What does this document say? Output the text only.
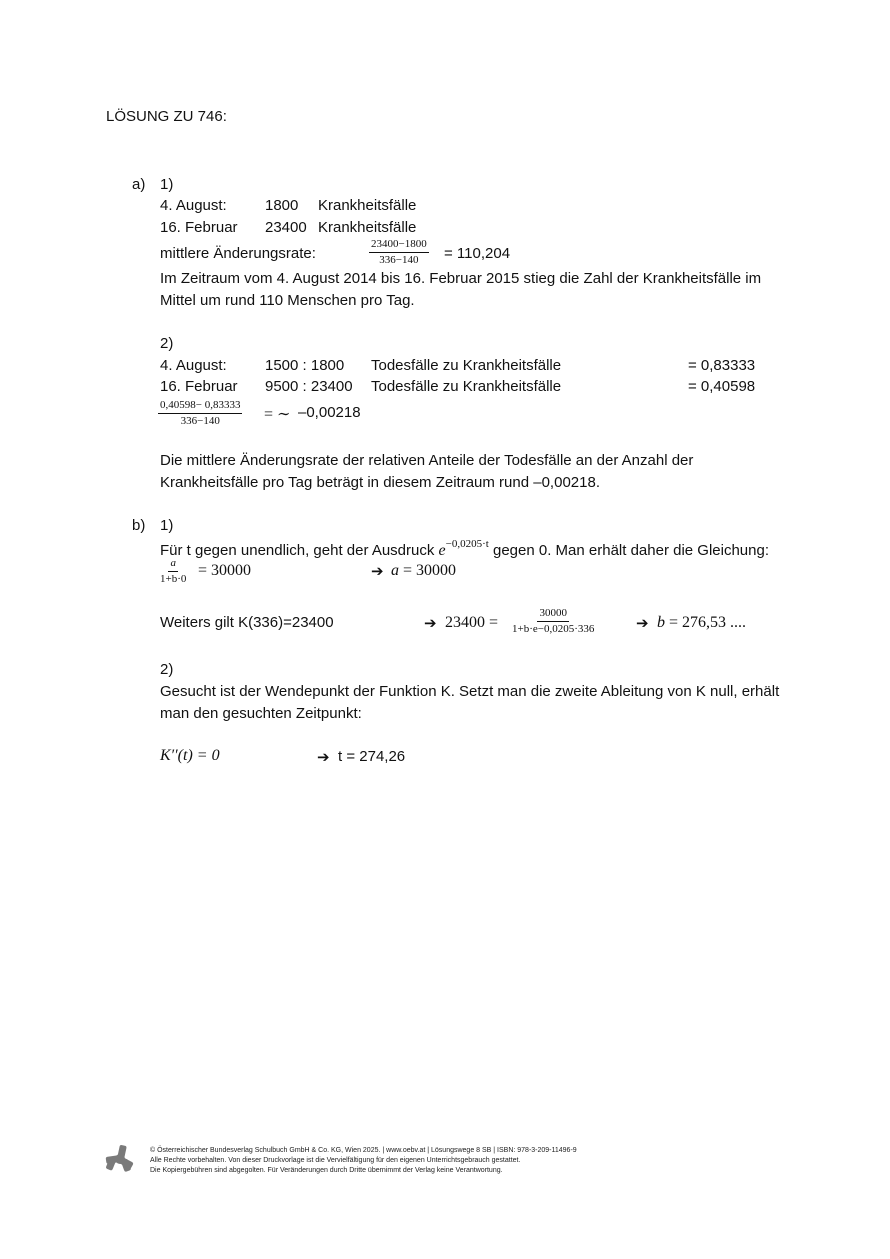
LÖSUNG ZU 746:
a) 1)
4. August:	1800 Krankheitsfälle
16. Februar 23400 Krankheitsfälle
mittlere Änderungsrate:	$\frac{23400-1800}{336-140} = 110,204$
Im Zeitraum vom 4. August 2014 bis 16. Februar 2015 stieg die Zahl der Krankheitsfälle im
Mittel um rund 110 Menschen pro Tag.
2)
4. August:	1500 : 1800 Todesfälle zu Krankheitsfälle	= 0,83333
16. Februar 9500 : 23400 Todesfälle zu Krankheitsfälle	= 0,40598
$\frac{0,40598- 0,83333}{336-140}$ = ∼ –0,00218
Die mittlere Änderungsrate der relativen Anteile der Todesfälle an der Anzahl der
Krankheitsfälle pro Tag beträgt in diesem Zeitraum rund –0,00218.
b) 1)
Für t gegen unendlich, geht der Ausdruck $e^{-0,0205\cdot t}$ gegen 0. Man erhält daher die Gleichung:
$\frac{a}{1+b\cdot 0} = 30000$	➔ a = 30000
Weiters gilt K(336)=23400	➔ $23400 = \frac{30000}{1+b\cdot e-0,0205\cdot 336}$	➔ b = 276,53 ....
2)
Gesucht ist der Wendepunkt der Funktion K. Setzt man die zweite Ableitung von K null, erhält
man den gesuchten Zeitpunkt:
K′′(t) = 0	➔ t = 274,26
© Österreichischer Bundesverlag Schulbuch GmbH & Co. KG, Wien 2025. | www.oebv.at | Lösungswege 8 SB | ISBN: 978-3-209-11496-9
Alle Rechte vorbehalten. Von dieser Druckvorlage ist die Vervielfältigung für den eigenen Unterrichtsgebrauch gestattet.
Die Kopiergebühren sind abgegolten. Für Veränderungen durch Dritte übernimmt der Verlag keine Verantwortung.
